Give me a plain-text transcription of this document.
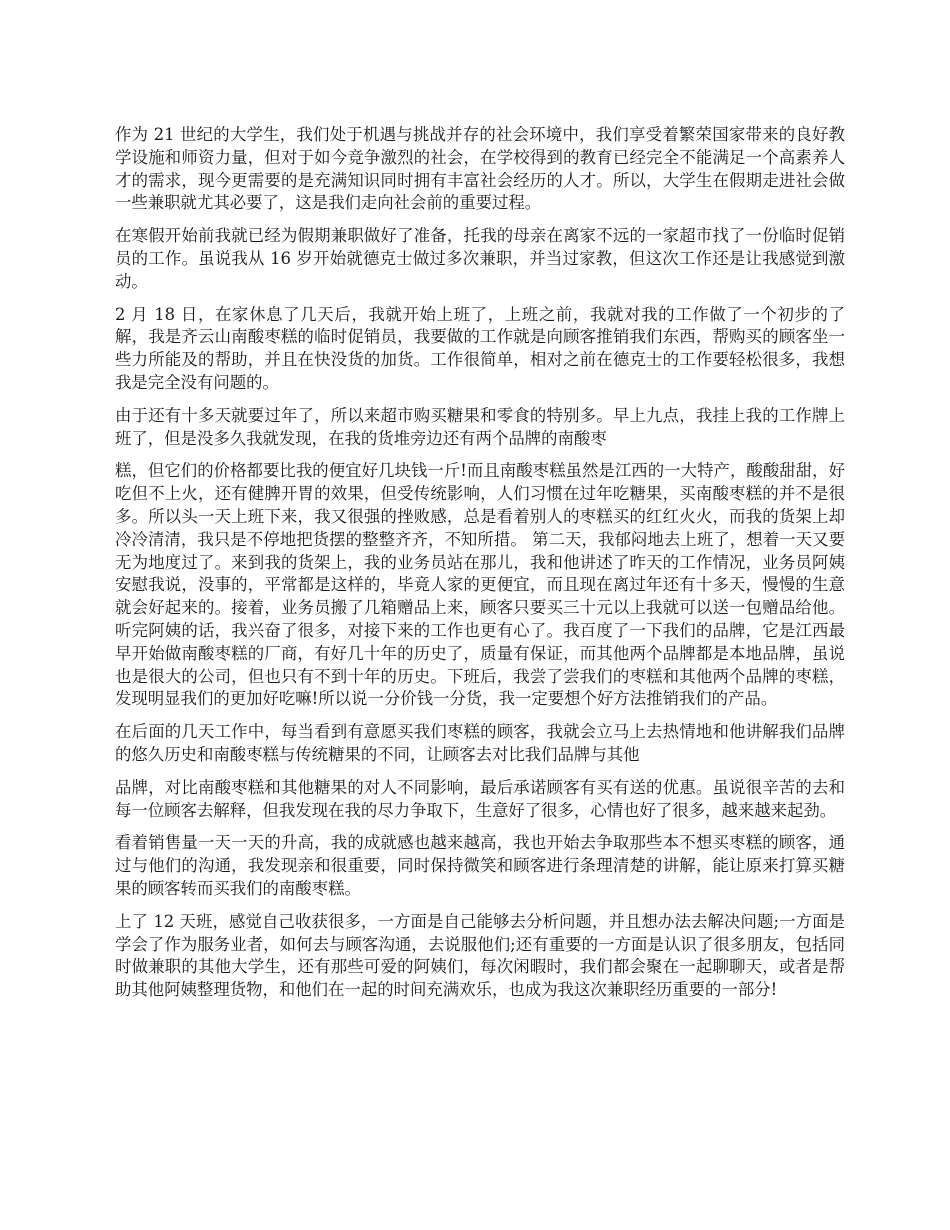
作为 21 世纪的大学生，我们处于机遇与挑战并存的社会环境中，我们享受着繁荣国家带来的良好教学设施和师资力量，但对于如今竞争激烈的社会，在学校得到的教育已经完全不能满足一个高素养人才的需求，现今更需要的是充满知识同时拥有丰富社会经历的人才。所以，大学生在假期走进社会做一些兼职就尤其必要了，这是我们走向社会前的重要过程。

在寒假开始前我就已经为假期兼职做好了准备，托我的母亲在离家不远的一家超市找了一份临时促销员的工作。虽说我从 16 岁开始就德克士做过多次兼职，并当过家教，但这次工作还是让我感觉到激动。

2 月 18 日，在家休息了几天后，我就开始上班了，上班之前，我就对我的工作做了一个初步的了解，我是齐云山南酸枣糕的临时促销员，我要做的工作就是向顾客推销我们东西，帮购买的顾客坐一些力所能及的帮助，并且在快没货的加货。工作很简单，相对之前在德克士的工作要轻松很多，我想我是完全没有问题的。

由于还有十多天就要过年了，所以来超市购买糖果和零食的特别多。早上九点，我挂上我的工作牌上班了，但是没多久我就发现，在我的货堆旁边还有两个品牌的南酸枣

糕，但它们的价格都要比我的便宜好几块钱一斤!而且南酸枣糕虽然是江西的一大特产，酸酸甜甜，好吃但不上火，还有健脾开胃的效果，但受传统影响，人们习惯在过年吃糖果，买南酸枣糕的并不是很多。所以头一天上班下来，我又很强的挫败感，总是看着别人的枣糕买的红红火火，而我的货架上却冷冷清清，我只是不停地把货摆的整整齐齐，不知所措。 第二天，我郁闷地去上班了，想着一天又要无为地度过了。来到我的货架上，我的业务员站在那儿，我和他讲述了昨天的工作情况，业务员阿姨安慰我说，没事的，平常都是这样的，毕竟人家的更便宜，而且现在离过年还有十多天，慢慢的生意就会好起来的。接着，业务员搬了几箱赠品上来，顾客只要买三十元以上我就可以送一包赠品给他。听完阿姨的话，我兴奋了很多，对接下来的工作也更有心了。我百度了一下我们的品牌，它是江西最早开始做南酸枣糕的厂商，有好几十年的历史了，质量有保证，而其他两个品牌都是本地品牌，虽说也是很大的公司，但也只有不到十年的历史。下班后，我尝了尝我们的枣糕和其他两个品牌的枣糕，发现明显我们的更加好吃嘛!所以说一分价钱一分货，我一定要想个好方法推销我们的产品。

在后面的几天工作中，每当看到有意愿买我们枣糕的顾客，我就会立马上去热情地和他讲解我们品牌的悠久历史和南酸枣糕与传统糖果的不同，让顾客去对比我们品牌与其他

品牌，对比南酸枣糕和其他糖果的对人不同影响，最后承诺顾客有买有送的优惠。虽说很辛苦的去和每一位顾客去解释，但我发现在我的尽力争取下，生意好了很多，心情也好了很多，越来越来起劲。

看着销售量一天一天的升高，我的成就感也越来越高，我也开始去争取那些本不想买枣糕的顾客，通过与他们的沟通，我发现亲和很重要，同时保持微笑和顾客进行条理清楚的讲解，能让原来打算买糖果的顾客转而买我们的南酸枣糕。

上了 12 天班，感觉自己收获很多，一方面是自己能够去分析问题，并且想办法去解决问题;一方面是学会了作为服务业者，如何去与顾客沟通，去说服他们;还有重要的一方面是认识了很多朋友，包括同时做兼职的其他大学生，还有那些可爱的阿姨们，每次闲暇时，我们都会聚在一起聊聊天，或者是帮助其他阿姨整理货物，和他们在一起的时间充满欢乐，也成为我这次兼职经历重要的一部分!
